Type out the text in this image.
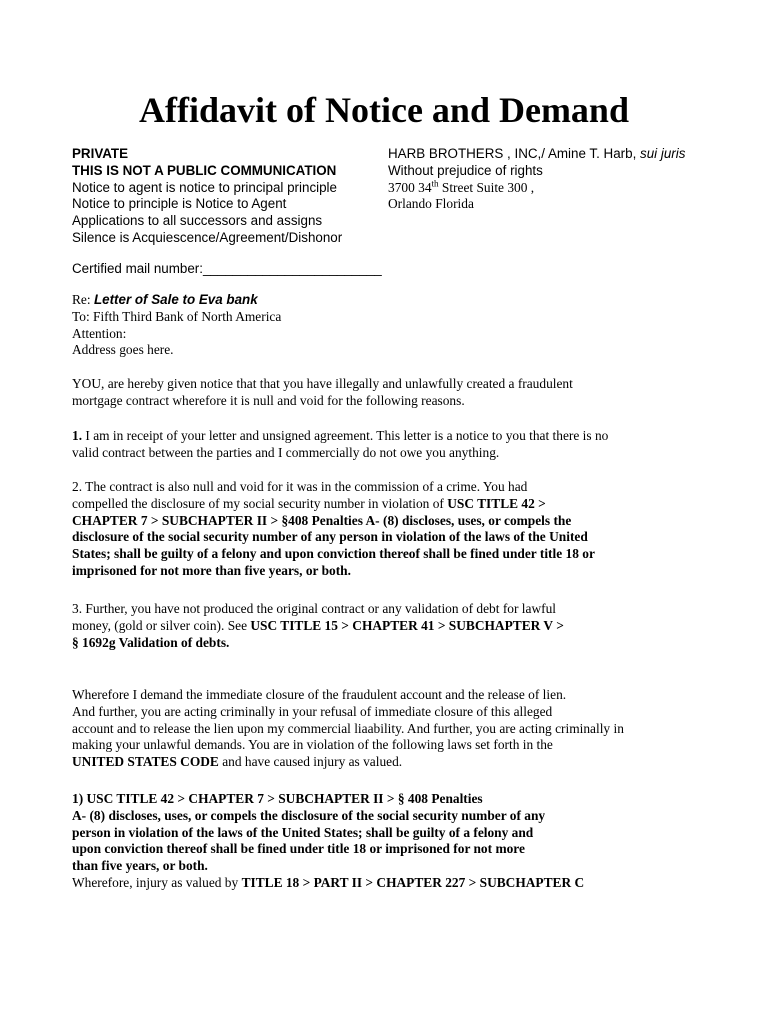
Affidavit of Notice and Demand
PRIVATE
THIS IS NOT A PUBLIC COMMUNICATION
Notice to agent is notice to principal principle
Notice to principle is Notice to Agent
Applications to all successors and assigns
Silence is Acquiescence/Agreement/Dishonor
HARB BROTHERS , INC,/ Amine T. Harb, sui juris
Without prejudice of rights
3700 34th Street Suite 300 ,
Orlando Florida
Certified mail number:________________________
Re: Letter of Sale to Eva bank
To: Fifth Third Bank of North America
Attention:
Address goes here.
YOU, are hereby given notice that that you have illegally and unlawfully created a fraudulent
mortgage contract wherefore it is null and void for the following reasons.
1. I am in receipt of your letter and unsigned agreement. This letter is a notice to you that there is no
valid contract between the parties and I commercially do not owe you anything.
2. The contract is also null and void for it was in the commission of a crime. You had
compelled the disclosure of my social security number in violation of USC TITLE 42 >
CHAPTER 7 > SUBCHAPTER II > §408 Penalties A- (8) discloses, uses, or compels the
disclosure of the social security number of any person in violation of the laws of the United
States; shall be guilty of a felony and upon conviction thereof shall be fined under title 18 or
imprisoned for not more than five years, or both.
3. Further, you have not produced the original contract or any validation of debt for lawful
money, (gold or silver coin). See USC TITLE 15 > CHAPTER 41 > SUBCHAPTER V >
§ 1692g Validation of debts.
Wherefore I demand the immediate closure of the fraudulent account and the release of lien.
And further, you are acting criminally in your refusal of immediate closure of this alleged
account and to release the lien upon my commercial liaability. And further, you are acting criminally in
making your unlawful demands. You are in violation of the following laws set forth in the
UNITED STATES CODE and have caused injury as valued.
1) USC TITLE 42 > CHAPTER 7 > SUBCHAPTER II > § 408 Penalties
A- (8) discloses, uses, or compels the disclosure of the social security number of any
person in violation of the laws of the United States; shall be guilty of a felony and
upon conviction thereof shall be fined under title 18 or imprisoned for not more
than five years, or both.
Wherefore, injury as valued by TITLE 18 > PART II > CHAPTER 227 > SUBCHAPTER C
